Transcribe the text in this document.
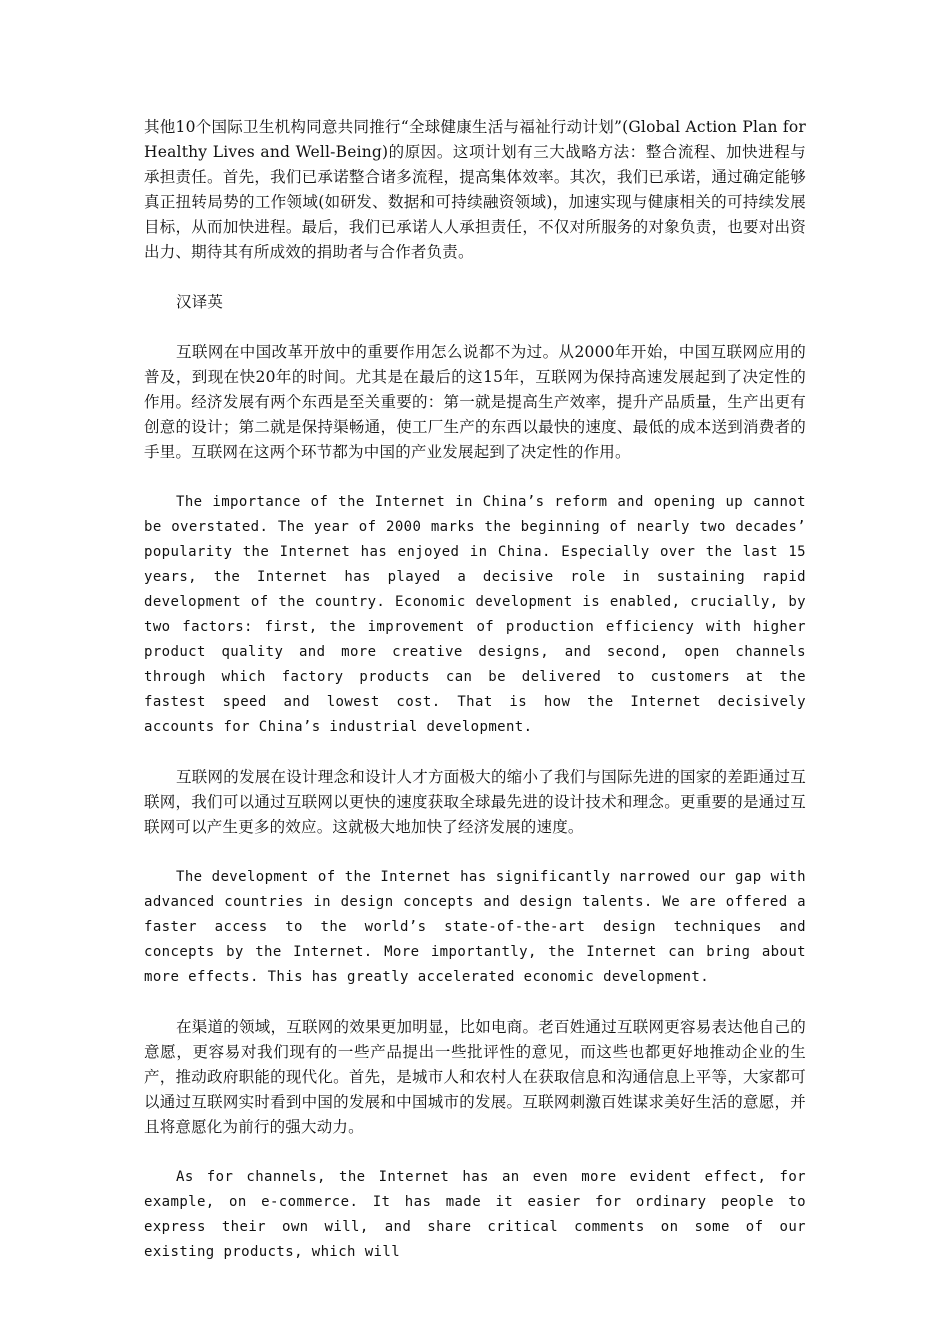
其他10个国际卫生机构同意共同推行“全球健康生活与福祉行动计划”(Global Action Plan for Healthy Lives and Well-Being)的原因。这项计划有三大战略方法：整合流程、加快进程与承担责任。首先，我们已承诺整合诸多流程，提高集体效率。其次，我们已承诺，通过确定能够真正扭转局势的工作领域(如研发、数据和可持续融资领域)，加速实现与健康相关的可持续发展目标，从而加快进程。最后，我们已承诺人人承担责任，不仅对所服务的对象负责，也要对出资出力、期待其有所成效的捐助者与合作者负责。

汉译英

互联网在中国改革开放中的重要作用怎么说都不为过。从2000年开始，中国互联网应用的普及，到现在快20年的时间。尤其是在最后的这15年，互联网为保持高速发展起到了决定性的作用。经济发展有两个东西是至关重要的：第一就是提高生产效率，提升产品质量，生产出更有创意的设计；第二就是保持渠畅通，使工厂生产的东西以最快的速度、最低的成本送到消费者的手里。互联网在这两个环节都为中国的产业发展起到了决定性的作用。

The importance of the Internet in China’s reform and opening up cannot be overstated. The year of 2000 marks the beginning of nearly two decades’ popularity the Internet has enjoyed in China. Especially over the last 15 years, the Internet has played a decisive role in sustaining rapid development of the country. Economic development is enabled, crucially, by two factors: first, the improvement of production efficiency with higher product quality and more creative designs, and second, open channels through which factory products can be delivered to customers at the fastest speed and lowest cost. That is how the Internet decisively accounts for China’s industrial development.

互联网的发展在设计理念和设计人才方面极大的缩小了我们与国际先进的国家的差距通过互联网，我们可以通过互联网以更快的速度获取全球最先进的设计技术和理念。更重要的是通过互联网可以产生更多的效应。这就极大地加快了经济发展的速度。

The development of the Internet has significantly narrowed our gap with advanced countries in design concepts and design talents. We are offered a faster access to the world’s state-of-the-art design techniques and concepts by the Internet. More importantly, the Internet can bring about more effects. This has greatly accelerated economic development.

在渠道的领域，互联网的效果更加明显，比如电商。老百姓通过互联网更容易表达他自己的意愿，更容易对我们现有的一些产品提出一些批评性的意见，而这些也都更好地推动企业的生产，推动政府职能的现代化。首先，是城市人和农村人在获取信息和沟通信息上平等，大家都可以通过互联网实时看到中国的发展和中国城市的发展。互联网刺激百姓谋求美好生活的意愿，并且将意愿化为前行的强大动力。

As for channels, the Internet has an even more evident effect, for example, on e-commerce. It has made it easier for ordinary people to express their own will, and share critical comments on some of our existing products, which will
